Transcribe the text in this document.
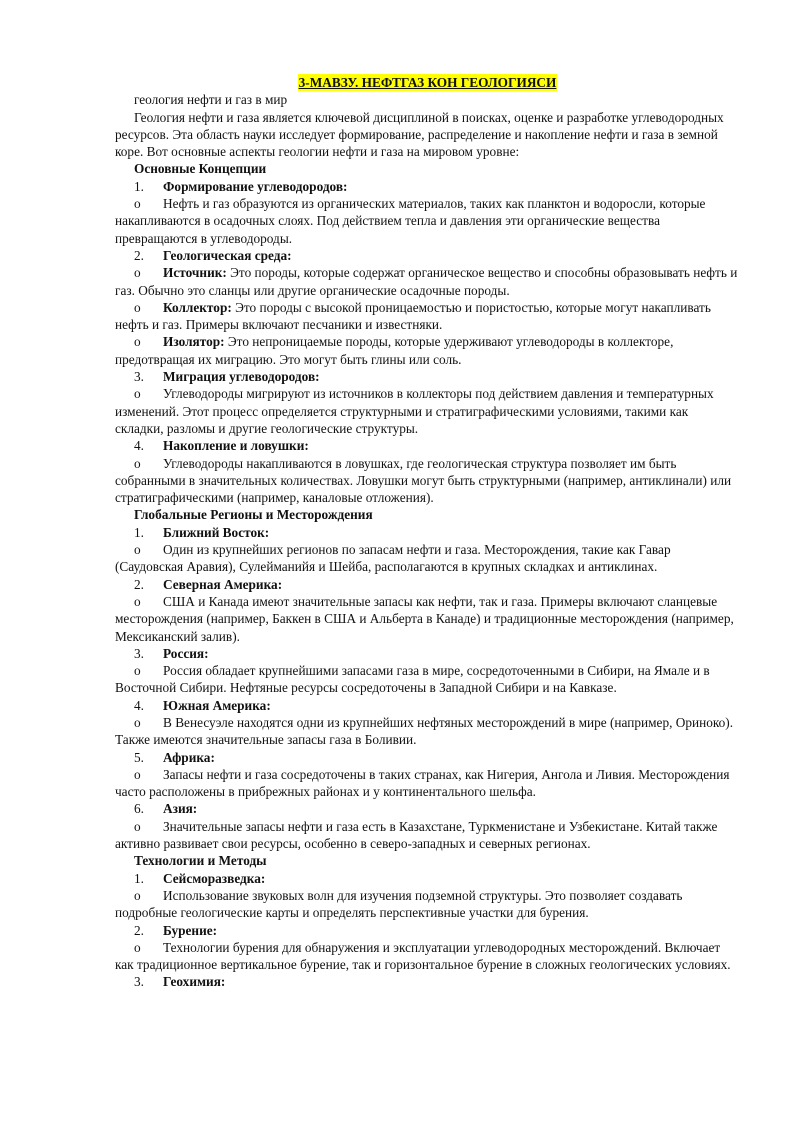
3-МАВЗУ. НЕФТГАЗ КОН ГЕОЛОГИЯСИ
геология нефти и газ в мир
Геология нефти и газа является ключевой дисциплиной в поисках, оценке и разработке углеводородных ресурсов. Эта область науки исследует формирование, распределение и накопление нефти и газа в земной коре. Вот основные аспекты геологии нефти и газа на мировом уровне:
Основные Концепции
1. Формирование углеводородов:
o Нефть и газ образуются из органических материалов, таких как планктон и водоросли, которые накапливаются в осадочных слоях. Под действием тепла и давления эти органические вещества превращаются в углеводороды.
2. Геологическая среда:
o Источник: Это породы, которые содержат органическое вещество и способны образовывать нефть и газ. Обычно это сланцы или другие органические осадочные породы.
o Коллектор: Это породы с высокой проницаемостью и пористостью, которые могут накапливать нефть и газ. Примеры включают песчаники и известняки.
o Изолятор: Это непроницаемые породы, которые удерживают углеводороды в коллекторе, предотвращая их миграцию. Это могут быть глины или соль.
3. Миграция углеводородов:
o Углеводороды мигрируют из источников в коллекторы под действием давления и температурных изменений. Этот процесс определяется структурными и стратиграфическими условиями, такими как складки, разломы и другие геологические структуры.
4. Накопление и ловушки:
o Углеводороды накапливаются в ловушках, где геологическая структура позволяет им быть собранными в значительных количествах. Ловушки могут быть структурными (например, антиклинали) или стратиграфическими (например, каналовые отложения).
Глобальные Регионы и Месторождения
1. Ближний Восток:
o Один из крупнейших регионов по запасам нефти и газа. Месторождения, такие как Гавар (Саудовская Аравия), Сулейманийя и Шейба, располагаются в крупных складках и антиклинах.
2. Северная Америка:
o США и Канада имеют значительные запасы как нефти, так и газа. Примеры включают сланцевые месторождения (например, Баккен в США и Альберта в Канаде) и традиционные месторождения (например, Мексиканский залив).
3. Россия:
o Россия обладает крупнейшими запасами газа в мире, сосредоточенными в Сибири, на Ямале и в Восточной Сибири. Нефтяные ресурсы сосредоточены в Западной Сибири и на Кавказе.
4. Южная Америка:
o В Венесуэле находятся одни из крупнейших нефтяных месторождений в мире (например, Ориноко). Также имеются значительные запасы газа в Боливии.
5. Африка:
o Запасы нефти и газа сосредоточены в таких странах, как Нигерия, Ангола и Ливия. Месторождения часто расположены в прибрежных районах и у континентального шельфа.
6. Азия:
o Значительные запасы нефти и газа есть в Казахстане, Туркменистане и Узбекистане. Китай также активно развивает свои ресурсы, особенно в северо-западных и северных регионах.
Технологии и Методы
1. Сейсморазведка:
o Использование звуковых волн для изучения подземной структуры. Это позволяет создавать подробные геологические карты и определять перспективные участки для бурения.
2. Бурение:
o Технологии бурения для обнаружения и эксплуатации углеводородных месторождений. Включает как традиционное вертикальное бурение, так и горизонтальное бурение в сложных геологических условиях.
3. Геохимия:
